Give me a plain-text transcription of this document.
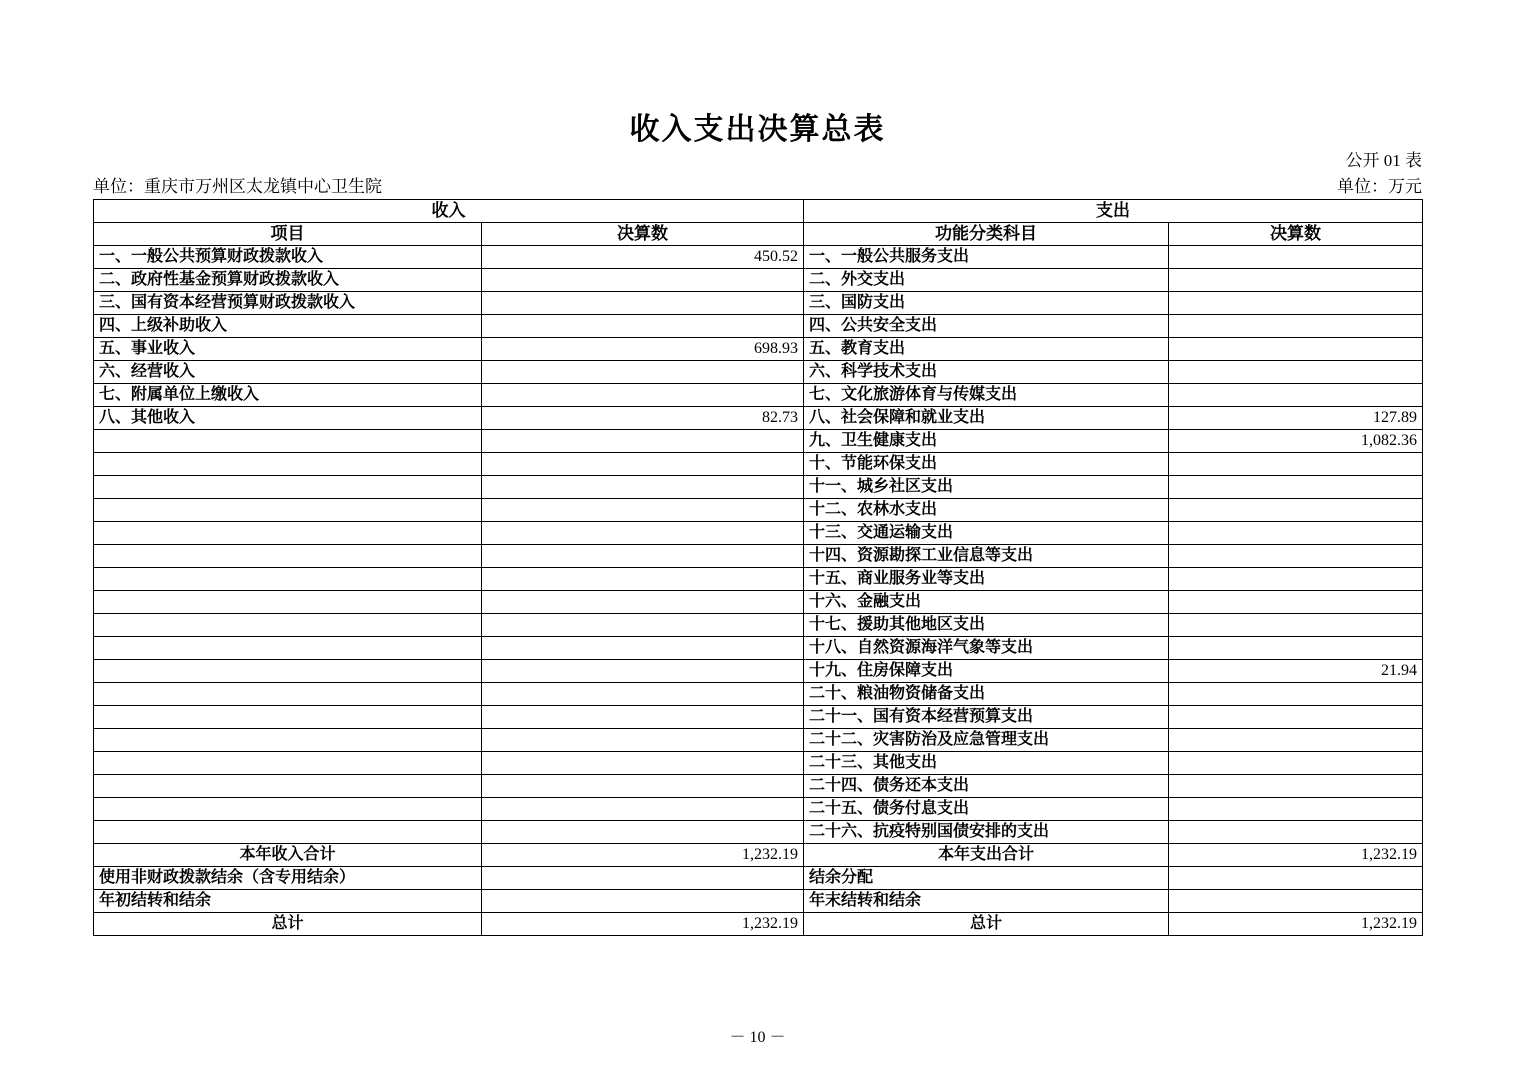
收入支出决算总表
公开 01 表
单位：重庆市万州区太龙镇中心卫生院	单位：万元
收入		支出	
项目	决算数	功能分类科目	决算数
一、一般公共预算财政拨款收入	450.52	一、一般公共服务支出	
二、政府性基金预算财政拨款收入		二、外交支出	
三、国有资本经营预算财政拨款收入		三、国防支出	
四、上级补助收入		四、公共安全支出	
五、事业收入	698.93	五、教育支出	
六、经营收入		六、科学技术支出	
七、附属单位上缴收入		七、文化旅游体育与传媒支出	
八、其他收入	82.73	八、社会保障和就业支出	127.89
		九、卫生健康支出	1,082.36
		十、节能环保支出	
		十一、城乡社区支出	
		十二、农林水支出	
		十三、交通运输支出	
		十四、资源勘探工业信息等支出	
		十五、商业服务业等支出	
		十六、金融支出	
		十七、援助其他地区支出	
		十八、自然资源海洋气象等支出	
		十九、住房保障支出	21.94
		二十、粮油物资储备支出	
		二十一、国有资本经营预算支出	
		二十二、灾害防治及应急管理支出	
		二十三、其他支出	
		二十四、债务还本支出	
		二十五、债务付息支出	
		二十六、抗疫特别国债安排的支出	
本年收入合计	1,232.19	本年支出合计	1,232.19
使用非财政拨款结余（含专用结余）		结余分配	
年初结转和结余		年末结转和结余	
总计	1,232.19	总计	1,232.19
－ 10 －
